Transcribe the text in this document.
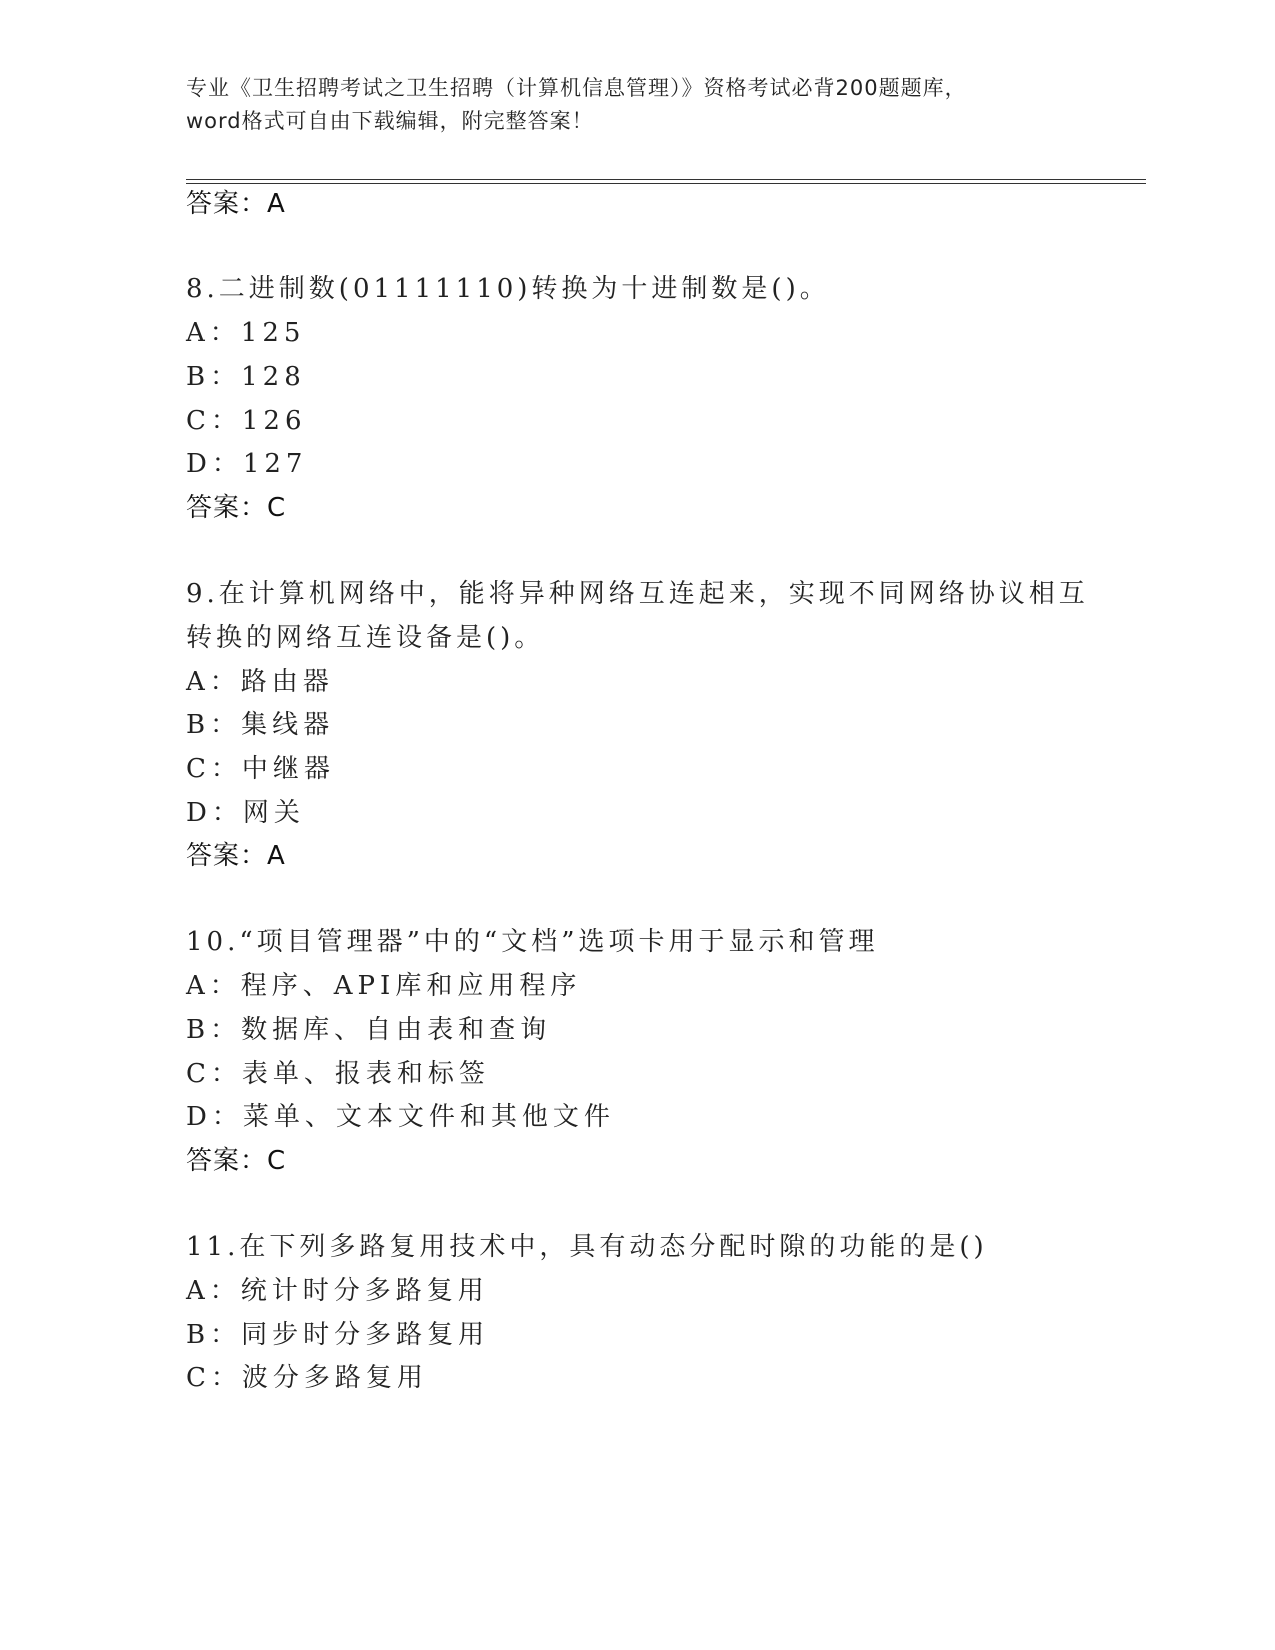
专业《卫生招聘考试之卫生招聘（计算机信息管理）》资格考试必背200题题库，
word格式可自由下载编辑，附完整答案！
答案：A
8.二进制数(01111110)转换为十进制数是()。
A：125
B：128
C：126
D：127
答案：C
9.在计算机网络中，能将异种网络互连起来，实现不同网络协议相互
转换的网络互连设备是()。
A：路由器
B：集线器
C：中继器
D：网关
答案：A
10.“项目管理器”中的“文档”选项卡用于显示和管理
A：程序、API库和应用程序
B：数据库、自由表和查询
C：表单、报表和标签
D：菜单、文本文件和其他文件
答案：C
11.在下列多路复用技术中，具有动态分配时隙的功能的是()
A：统计时分多路复用
B：同步时分多路复用
C：波分多路复用
